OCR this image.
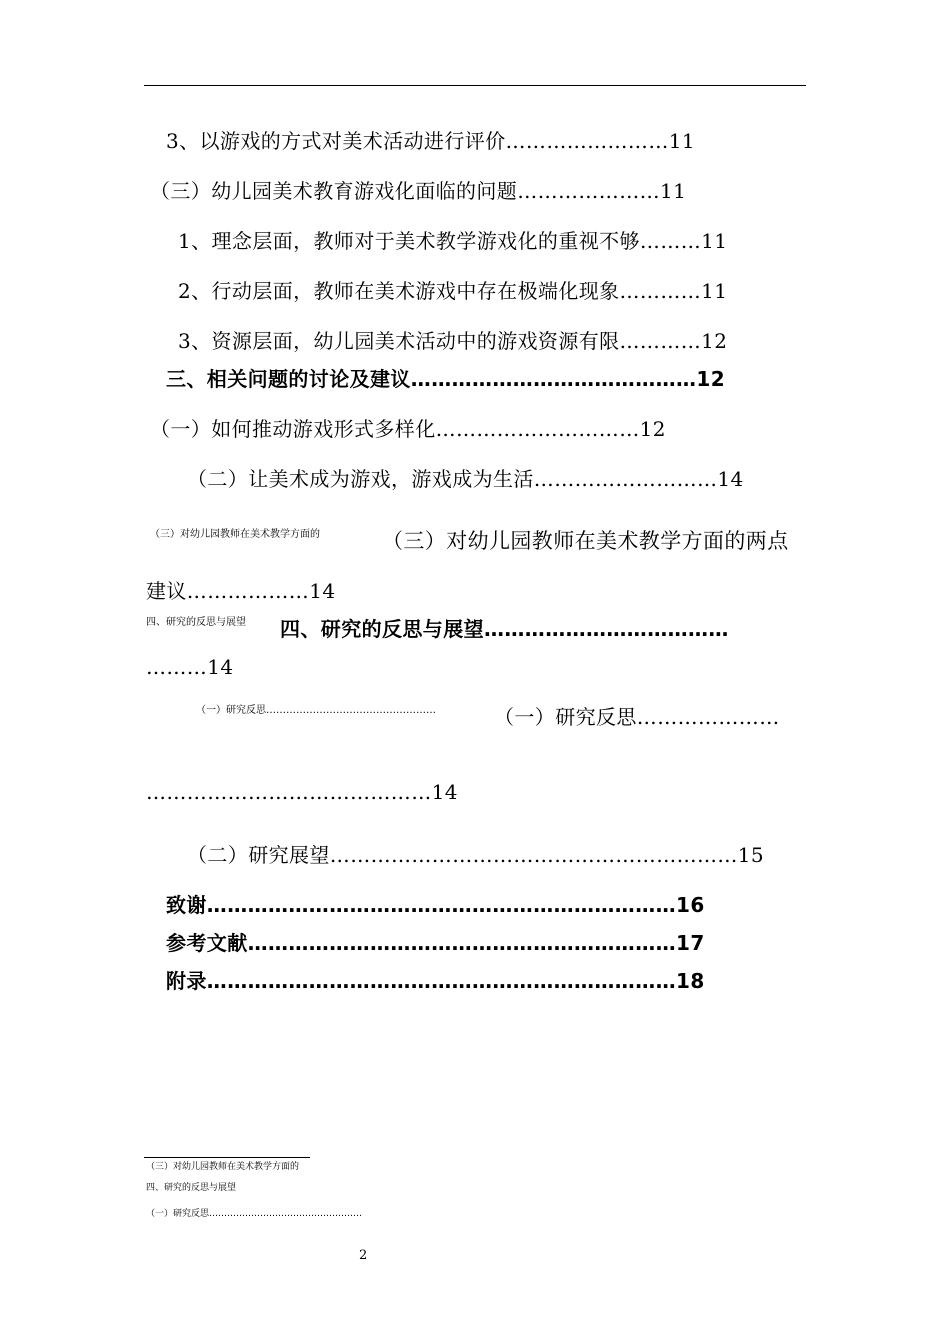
3、以游戏的方式对美术活动进行评价……………………11
（三）幼儿园美术教育游戏化面临的问题…………………11
1、理念层面，教师对于美术教学游戏化的重视不够………11
2、行动层面，教师在美术游戏中存在极端化现象…………11
3、资源层面，幼儿园美术活动中的游戏资源有限…………12
三、相关问题的讨论及建议……………………………………12
（一）如何推动游戏形式多样化…………………………12
（二）让美术成为游戏，游戏成为生活………………………14
（三）对幼儿园教师在美术教学方面的	（三）对幼儿园教师在美术教学方面的两点
建议………………14
四、研究的反思与展望 四、研究的反思与展望………………………………
………14
（一）研究反思……………………………………………	（一）研究反思…………………
……………………………………14
（二）研究展望……………………………………………………15
致谢……………………………………………………………16
参考文献………………………………………………………17
附录……………………………………………………………18
（三）对幼儿园教师在美术教学方面的
四、研究的反思与展望
（一）研究反思……………………………………………
2
